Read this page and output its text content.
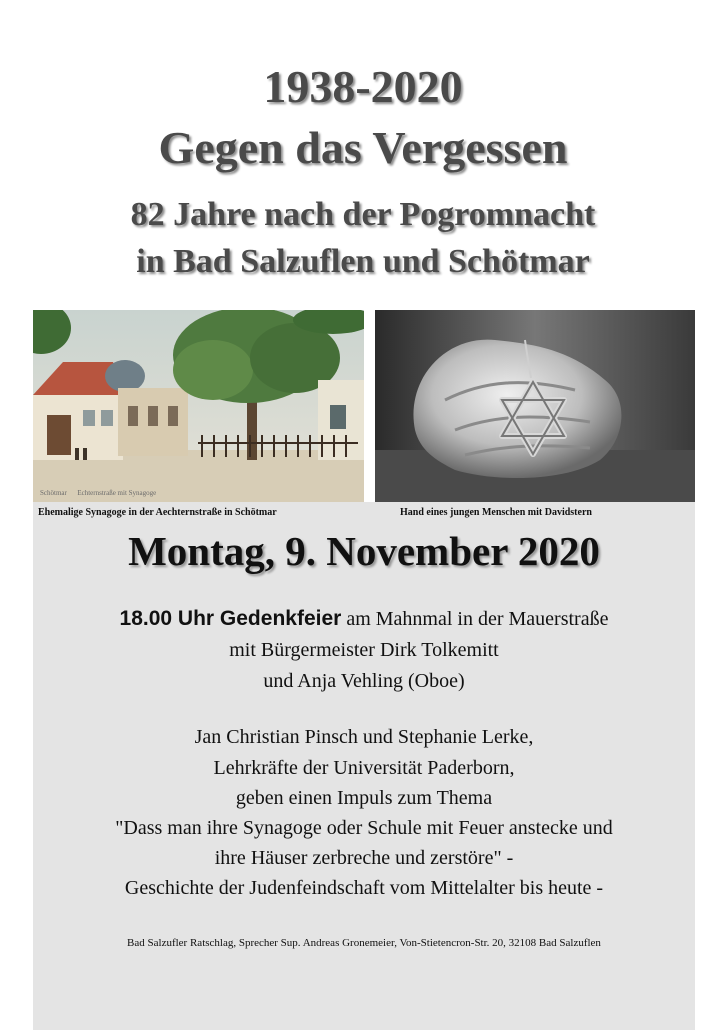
1938-2020
Gegen das Vergessen
82 Jahre nach der Pogromnacht
in Bad Salzuflen und Schötmar
Schötmar      Echternstraße mit Synagoge
Ehemalige Synagoge in der Aechternstraße in Schötmar	Hand eines jungen Menschen mit Davidstern
Montag, 9. November 2020
18.00 Uhr Gedenkfeier am Mahnmal in der Mauerstraße
mit Bürgermeister Dirk Tolkemitt
und Anja Vehling (Oboe)
Jan Christian Pinsch und Stephanie Lerke,
Lehrkräfte der Universität Paderborn,
geben einen Impuls zum Thema
"Dass man ihre Synagoge oder Schule mit Feuer anstecke und
ihre Häuser zerbreche und zerstöre" -
Geschichte der Judenfeindschaft vom Mittelalter bis heute -
Bad Salzufler Ratschlag, Sprecher Sup. Andreas Gronemeier, Von-Stietencron-Str. 20, 32108 Bad Salzuflen
